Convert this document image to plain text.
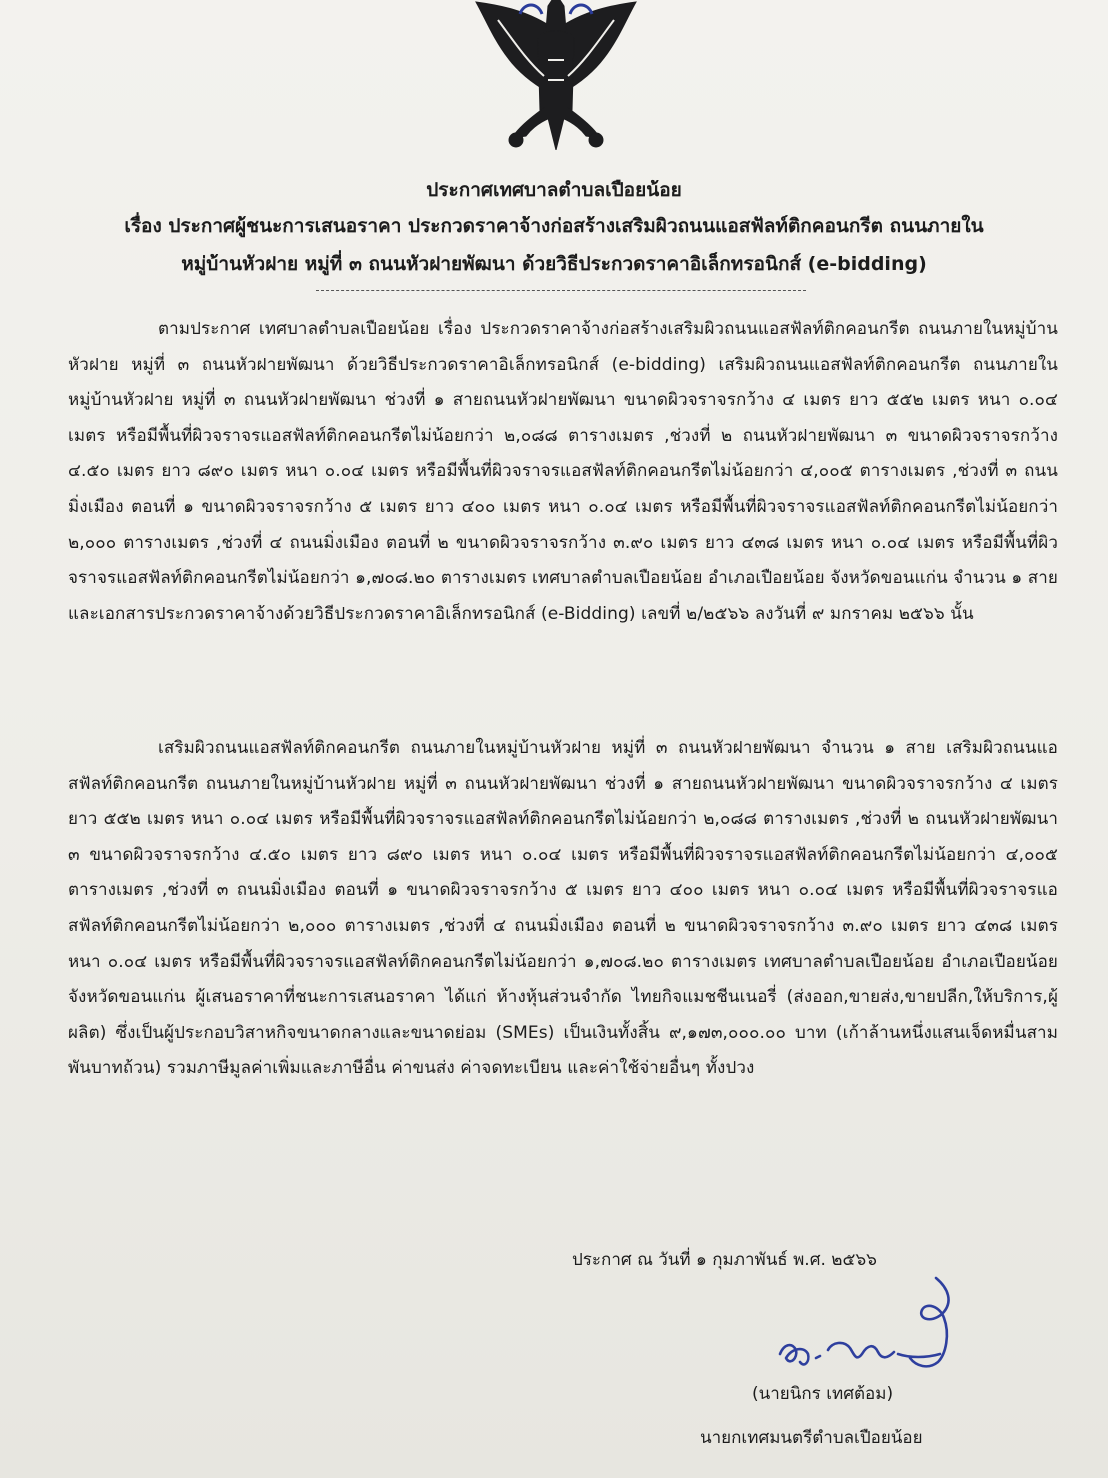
ประกาศเทศบาลตำบลเปือยน้อย

เรื่อง ประกาศผู้ชนะการเสนอราคา ประกวดราคาจ้างก่อสร้างเสริมผิวถนนแอสฟัลท์ติกคอนกรีต ถนนภายใน

หมู่บ้านหัวฝาย หมู่ที่ ๓ ถนนหัวฝายพัฒนา ด้วยวิธีประกวดราคาอิเล็กทรอนิกส์ (e-bidding)

ตามประกาศ เทศบาลตำบลเปือยน้อย เรื่อง ประกวดราคาจ้างก่อสร้างเสริมผิวถนนแอสฟัลท์ติกคอนกรีต ถนนภายในหมู่บ้านหัวฝาย หมู่ที่ ๓ ถนนหัวฝายพัฒนา ด้วยวิธีประกวดราคาอิเล็กทรอนิกส์ (e-bidding) เสริมผิวถนนแอสฟัลท์ติกคอนกรีต ถนนภายในหมู่บ้านหัวฝาย หมู่ที่ ๓ ถนนหัวฝายพัฒนา ช่วงที่ ๑ สายถนนหัวฝายพัฒนา ขนาดผิวจราจรกว้าง ๔ เมตร ยาว ๕๕๒ เมตร หนา ๐.๐๔ เมตร หรือมีพื้นที่ผิวจราจรแอสฟัลท์ติกคอนกรีตไม่น้อยกว่า ๒,๐๘๘ ตารางเมตร ,ช่วงที่ ๒ ถนนหัวฝายพัฒนา ๓ ขนาดผิวจราจรกว้าง ๔.๕๐ เมตร ยาว ๘๙๐ เมตร หนา ๐.๐๔ เมตร หรือมีพื้นที่ผิวจราจรแอสฟัลท์ติกคอนกรีตไม่น้อยกว่า ๔,๐๐๕ ตารางเมตร ,ช่วงที่ ๓ ถนนมิ่งเมือง ตอนที่ ๑ ขนาดผิวจราจรกว้าง ๕ เมตร ยาว ๔๐๐ เมตร หนา ๐.๐๔ เมตร หรือมีพื้นที่ผิวจราจรแอสฟัลท์ติกคอนกรีตไม่น้อยกว่า ๒,๐๐๐ ตารางเมตร ,ช่วงที่ ๔ ถนนมิ่งเมือง ตอนที่ ๒ ขนาดผิวจราจรกว้าง ๓.๙๐ เมตร ยาว ๔๓๘ เมตร หนา ๐.๐๔ เมตร หรือมีพื้นที่ผิวจราจรแอสฟัลท์ติกคอนกรีตไม่น้อยกว่า ๑,๗๐๘.๒๐ ตารางเมตร เทศบาลตำบลเปือยน้อย อำเภอเปือยน้อย จังหวัดขอนแก่น จำนวน ๑ สาย และเอกสารประกวดราคาจ้างด้วยวิธีประกวดราคาอิเล็กทรอนิกส์ (e-Bidding) เลขที่ ๒/๒๕๖๖ ลงวันที่ ๙ มกราคม ๒๕๖๖ นั้น

เสริมผิวถนนแอสฟัลท์ติกคอนกรีต ถนนภายในหมู่บ้านหัวฝาย หมู่ที่ ๓ ถนนหัวฝายพัฒนา จำนวน ๑ สาย เสริมผิวถนนแอสฟัลท์ติกคอนกรีต ถนนภายในหมู่บ้านหัวฝาย หมู่ที่ ๓ ถนนหัวฝายพัฒนา ช่วงที่ ๑ สายถนนหัวฝายพัฒนา ขนาดผิวจราจรกว้าง ๔ เมตร ยาว ๕๕๒ เมตร หนา ๐.๐๔ เมตร หรือมีพื้นที่ผิวจราจรแอสฟัลท์ติกคอนกรีตไม่น้อยกว่า ๒,๐๘๘ ตารางเมตร ,ช่วงที่ ๒ ถนนหัวฝายพัฒนา ๓ ขนาดผิวจราจรกว้าง ๔.๕๐ เมตร ยาว ๘๙๐ เมตร หนา ๐.๐๔ เมตร หรือมีพื้นที่ผิวจราจรแอสฟัลท์ติกคอนกรีตไม่น้อยกว่า ๔,๐๐๕ ตารางเมตร ,ช่วงที่ ๓ ถนนมิ่งเมือง ตอนที่ ๑ ขนาดผิวจราจรกว้าง ๕ เมตร ยาว ๔๐๐ เมตร หนา ๐.๐๔ เมตร หรือมีพื้นที่ผิวจราจรแอสฟัลท์ติกคอนกรีตไม่น้อยกว่า ๒,๐๐๐ ตารางเมตร ,ช่วงที่ ๔ ถนนมิ่งเมือง ตอนที่ ๒ ขนาดผิวจราจรกว้าง ๓.๙๐ เมตร ยาว ๔๓๘ เมตร หนา ๐.๐๔ เมตร หรือมีพื้นที่ผิวจราจรแอสฟัลท์ติกคอนกรีตไม่น้อยกว่า ๑,๗๐๘.๒๐ ตารางเมตร เทศบาลตำบลเปือยน้อย อำเภอเปือยน้อย จังหวัดขอนแก่น ผู้เสนอราคาที่ชนะการเสนอราคา ได้แก่ ห้างหุ้นส่วนจำกัด ไทยกิจแมชชีนเนอรี่ (ส่งออก,ขายส่ง,ขายปลีก,ให้บริการ,ผู้ผลิต) ซึ่งเป็นผู้ประกอบวิสาหกิจขนาดกลางและขนาดย่อม (SMEs) เป็นเงินทั้งสิ้น ๙,๑๗๓,๐๐๐.๐๐ บาท (เก้าล้านหนึ่งแสนเจ็ดหมื่นสามพันบาทถ้วน) รวมภาษีมูลค่าเพิ่มและภาษีอื่น ค่าขนส่ง ค่าจดทะเบียน และค่าใช้จ่ายอื่นๆ ทั้งปวง

ประกาศ ณ วันที่ ๑ กุมภาพันธ์ พ.ศ. ๒๕๖๖
(นายนิกร เทศต้อม)
นายกเทศมนตรีตำบลเปือยน้อย
